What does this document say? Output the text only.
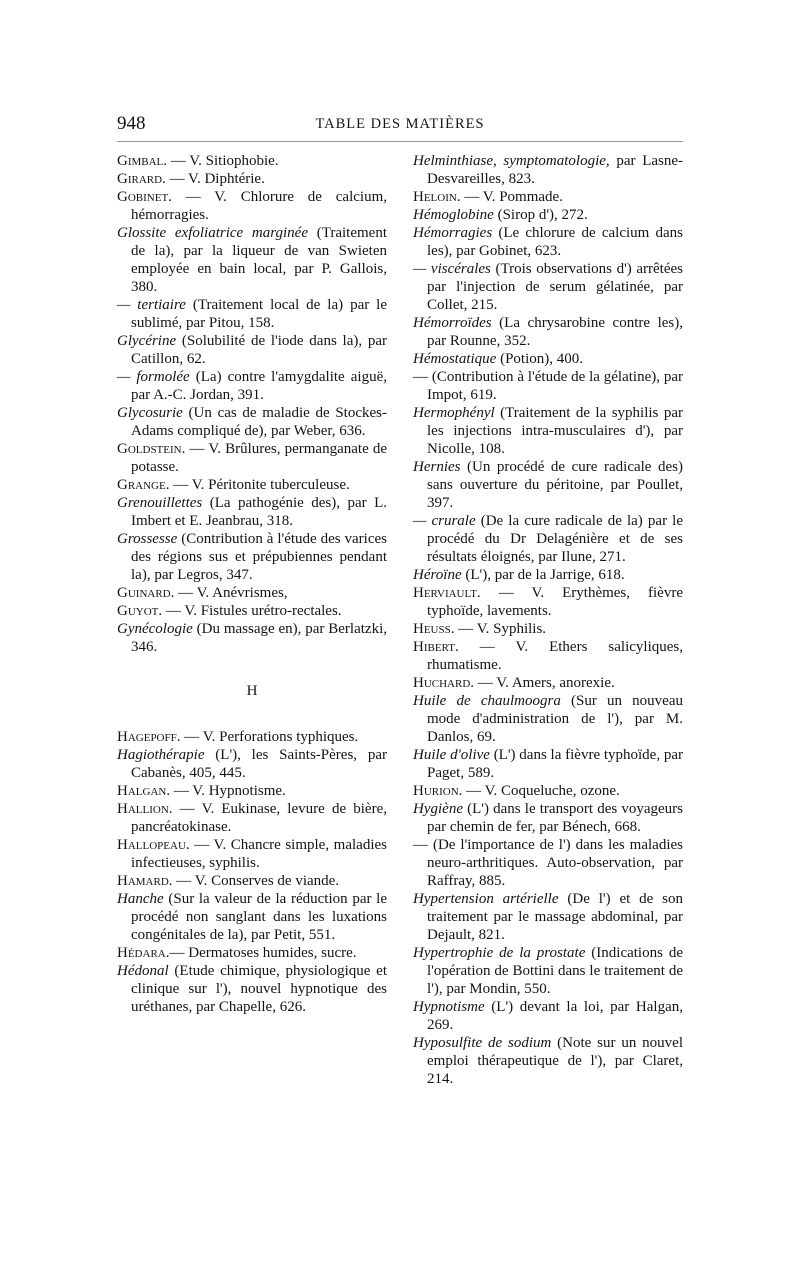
948	TABLE DES MATIÈRES
Gimbal. — V. Sitiophobie.
Girard. — V. Diphtérie.
Gobinet. — V. Chlorure de calcium, hémorragies.
Glossite exfoliatrice marginée (Traitement de la), par la liqueur de van Swieten employée en bain local, par P. Gallois, 380.
— tertiaire (Traitement local de la) par le sublimé, par Pitou, 158.
Glycérine (Solubilité de l'iode dans la), par Catillon, 62.
— formolée (La) contre l'amygdalite aiguë, par A.-C. Jordan, 391.
Glycosurie (Un cas de maladie de Stockes-Adams compliqué de), par Weber, 636.
Goldstein. — V. Brûlures, permanganate de potasse.
Grange. — V. Péritonite tuberculeuse.
Grenouillettes (La pathogénie des), par L. Imbert et E. Jeanbrau, 318.
Grossesse (Contribution à l'étude des varices des régions sus et prépubiennes pendant la), par Legros, 347.
Guinard. — V. Anévrismes,
Guyot. — V. Fistules urétro-rectales.
Gynécologie (Du massage en), par Berlatzki, 346.
H
Hagepoff. — V. Perforations typhiques.
Hagiothérapie (L'), les Saints-Pères, par Cabanès, 405, 445.
Halgan. — V. Hypnotisme.
Hallion. — V. Eukinase, levure de bière, pancréatokinase.
Hallopeau. — V. Chancre simple, maladies infectieuses, syphilis.
Hamard. — V. Conserves de viande.
Hanche (Sur la valeur de la réduction par le procédé non sanglant dans les luxations congénitales de la), par Petit, 551.
Hédara.— Dermatoses humides, sucre.
Hédonal (Etude chimique, physiologique et clinique sur l'), nouvel hypnotique des uréthanes, par Chapelle, 626.
Helminthiase, symptomatologie, par Lasne-Desvareilles, 823.
Heloin. — V. Pommade.
Hémoglobine (Sirop d'), 272.
Hémorragies (Le chlorure de calcium dans les), par Gobinet, 623.
— viscérales (Trois observations d') arrêtées par l'injection de serum gélatinée, par Collet, 215.
Hémorroïdes (La chrysarobine contre les), par Rounne, 352.
Hémostatique (Potion), 400.
— (Contribution à l'étude de la gélatine), par Impot, 619.
Hermophényl (Traitement de la syphilis par les injections intra-musculaires d'), par Nicolle, 108.
Hernies (Un procédé de cure radicale des) sans ouverture du péritoine, par Poullet, 397.
— crurale (De la cure radicale de la) par le procédé du Dr Delagénière et de ses résultats éloignés, par Ilune, 271.
Héroïne (L'), par de la Jarrige, 618.
Herviault. — V. Erythèmes, fièvre typhoïde, lavements.
Heuss. — V. Syphilis.
Hibert. — V. Ethers salicyliques, rhumatisme.
Huchard. — V. Amers, anorexie.
Huile de chaulmoogra (Sur un nouveau mode d'administration de l'), par M. Danlos, 69.
Huile d'olive (L') dans la fièvre typhoïde, par Paget, 589.
Hurion. — V. Coqueluche, ozone.
Hygiène (L') dans le transport des voyageurs par chemin de fer, par Bénech, 668.
— (De l'importance de l') dans les maladies neuro-arthritiques. Auto-observation, par Raffray, 885.
Hypertension artérielle (De l') et de son traitement par le massage abdominal, par Dejault, 821.
Hypertrophie de la prostate (Indications de l'opération de Bottini dans le traitement de l'), par Mondin, 550.
Hypnotisme (L') devant la loi, par Halgan, 269.
Hyposulfite de sodium (Note sur un nouvel emploi thérapeutique de l'), par Claret, 214.
